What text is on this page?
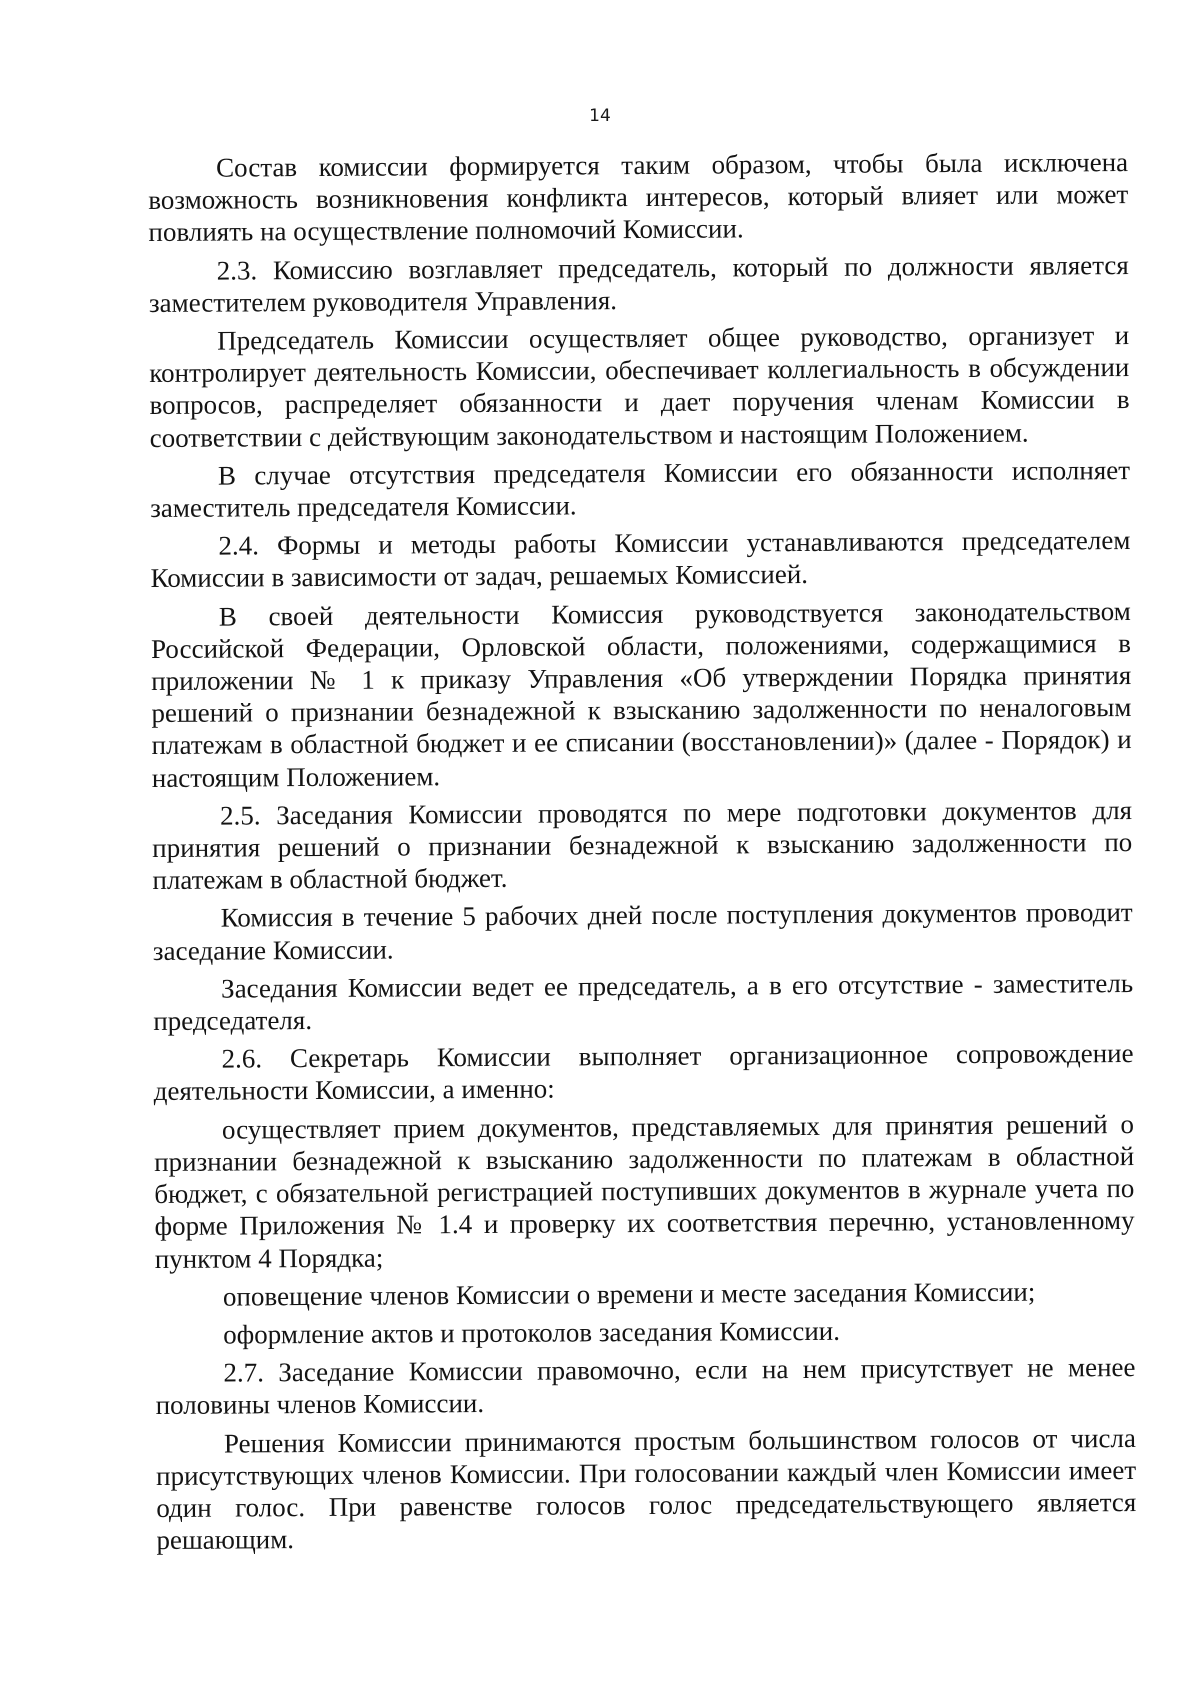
14

Состав комиссии формируется таким образом, чтобы была исключена возможность возникновения конфликта интересов, который влияет или может повлиять на осуществление полномочий Комиссии.

2.3. Комиссию возглавляет председатель, который по должности является заместителем руководителя Управления.

Председатель Комиссии осуществляет общее руководство, организует и контролирует деятельность Комиссии, обеспечивает коллегиальность в обсуждении вопросов, распределяет обязанности и дает поручения членам Комиссии в соответствии с действующим законодательством и настоящим Положением.

В случае отсутствия председателя Комиссии его обязанности исполняет заместитель председателя Комиссии.

2.4. Формы и методы работы Комиссии устанавливаются председателем Комиссии в зависимости от задач, решаемых Комиссией.

В своей деятельности Комиссия руководствуется законодательством Российской Федерации, Орловской области, положениями, содержащимися в приложении № 1 к приказу Управления «Об утверждении Порядка принятия решений о признании безнадежной к взысканию задолженности по неналоговым платежам в областной бюджет и ее списании (восстановлении)» (далее - Порядок) и настоящим Положением.

2.5. Заседания Комиссии проводятся по мере подготовки документов для принятия решений о признании безнадежной к взысканию задолженности по платежам в областной бюджет.

Комиссия в течение 5 рабочих дней после поступления документов проводит заседание Комиссии.

Заседания Комиссии ведет ее председатель, а в его отсутствие - заместитель председателя.

2.6. Секретарь Комиссии выполняет организационное сопровождение деятельности Комиссии, а именно:

осуществляет прием документов, представляемых для принятия решений о признании безнадежной к взысканию задолженности по платежам в областной бюджет, с обязательной регистрацией поступивших документов в журнале учета по форме Приложения № 1.4 и проверку их соответствия перечню, установленному пунктом 4 Порядка;

оповещение членов Комиссии о времени и месте заседания Комиссии;

оформление актов и протоколов заседания Комиссии.

2.7. Заседание Комиссии правомочно, если на нем присутствует не менее половины членов Комиссии.

Решения Комиссии принимаются простым большинством голосов от числа присутствующих членов Комиссии. При голосовании каждый член Комиссии имеет один голос. При равенстве голосов голос председательствующего является решающим.
